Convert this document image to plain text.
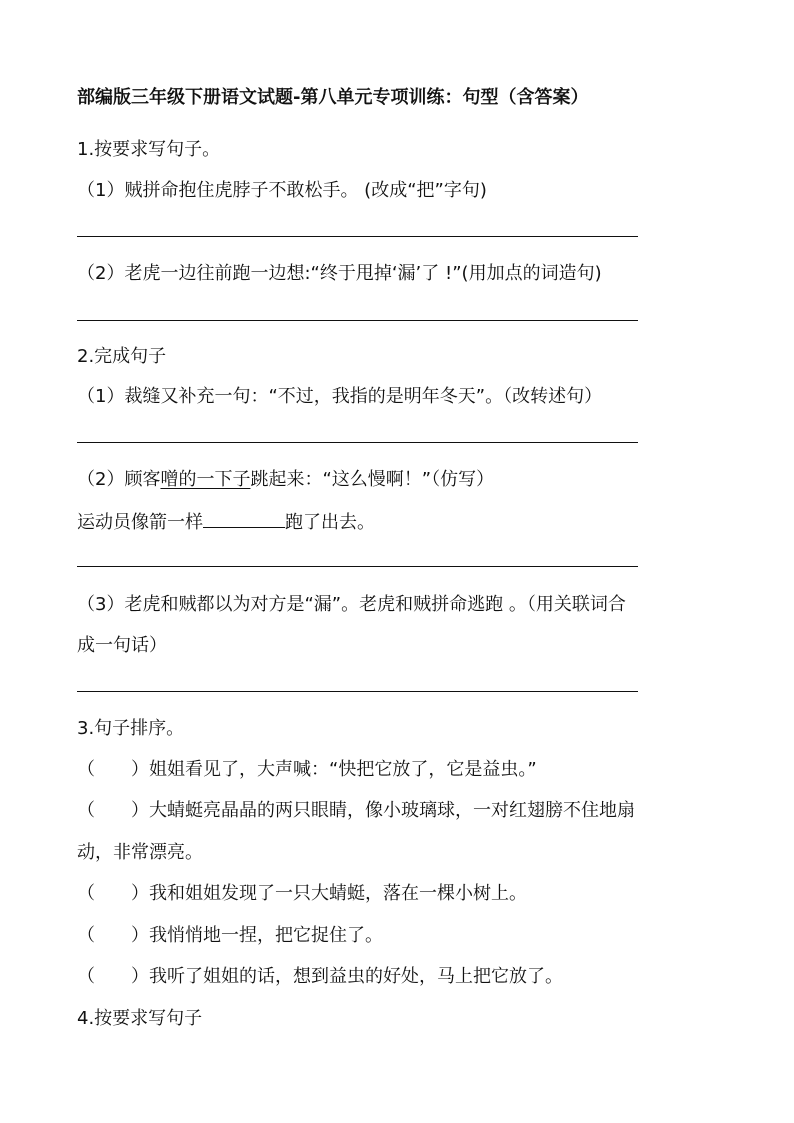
部编版三年级下册语文试题-第八单元专项训练：句型（含答案）
1.按要求写句子。
（1）贼拼命抱住虎脖子不敢松手。 (改成“把”字句)
（2）老虎一边往前跑一边想:“终于甩掉‘漏’了 !”(用加点的词造句)
2.完成句子
（1）裁缝又补充一句：“不过，我指的是明年冬天”。（改转述句）
（2）顾客噌的一下子跳起来：“这么慢啊！”（仿写）
运动员像箭一样	跑了出去。
（3）老虎和贼都以为对方是“漏”。老虎和贼拼命逃跑 。（用关联词合
成一句话）
3.句子排序。
（　　）姐姐看见了，大声喊：“快把它放了，它是益虫。”
（　　）大蜻蜓亮晶晶的两只眼睛，像小玻璃球，一对红翅膀不住地扇
动，非常漂亮。
（　　）我和姐姐发现了一只大蜻蜓，落在一棵小树上。
（　　）我悄悄地一捏，把它捉住了。
（　　）我听了姐姐的话，想到益虫的好处，马上把它放了。
4.按要求写句子
